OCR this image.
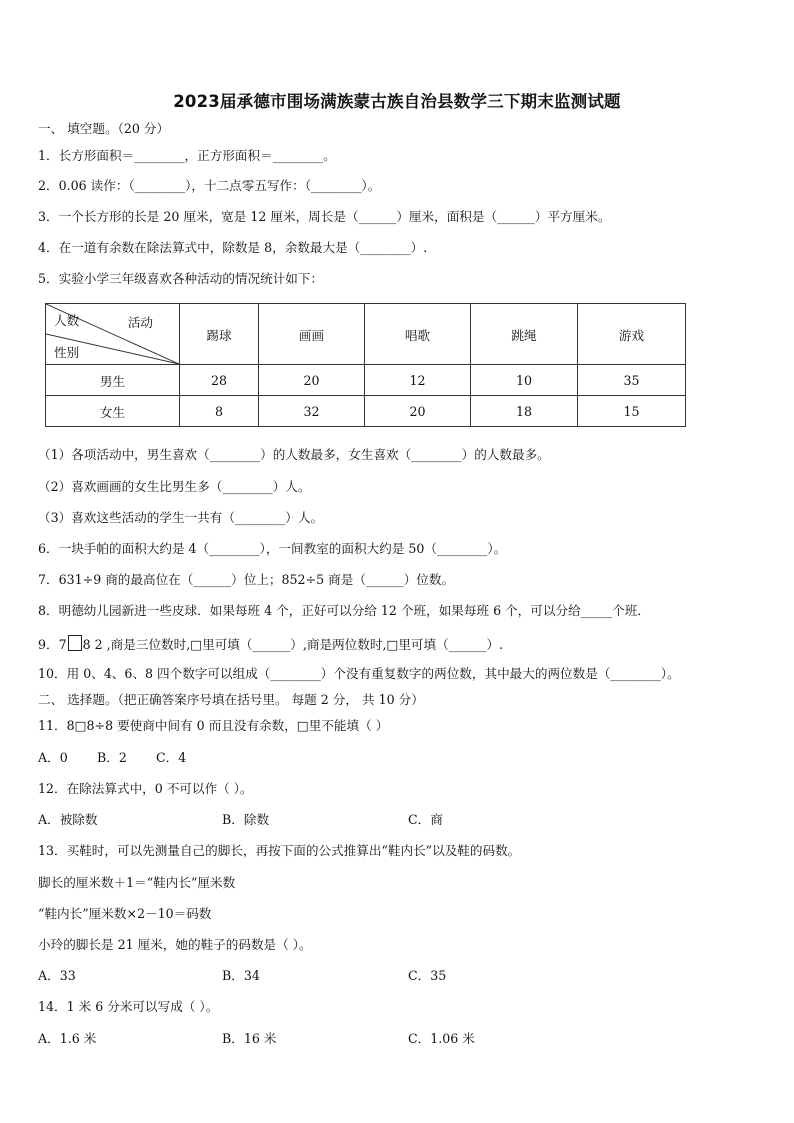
2023届承德市围场满族蒙古族自治县数学三下期末监测试题
一、 填空题。（20 分）
1．长方形面积＝________，正方形面积＝________。
2．0.06 读作：（________），十二点零五写作：（________）。
3．一个长方形的长是 20 厘米，宽是 12 厘米，周长是（______）厘米，面积是（______）平方厘米。
4．在一道有余数在除法算式中，除数是 8，余数最大是（________）.
5．实验小学三年级喜欢各种活动的情况统计如下：
人数 活动
性别	踢球	画画	唱歌	跳绳	游戏
男生	28	20	12	10	35
女生	8	32	20	18	15
（1）各项活动中，男生喜欢（________）的人数最多，女生喜欢（________）的人数最多。
（2）喜欢画画的女生比男生多（________）人。
（3）喜欢这些活动的学生一共有（________）人。
6．一块手帕的面积大约是 4（________），一间教室的面积大约是 50（________）。
7．631÷9 商的最高位在（______）位上；852÷5 商是（______）位数。
8．明德幼儿园新进一些皮球．如果每班 4 个，正好可以分给 12 个班，如果每班 6 个，可以分给_____个班．
9．7 8 2 ,商是三位数时,□里可填（______）,商是两位数时,□里可填（______）.
10．用 0、4、6、8 四个数字可以组成（________）个没有重复数字的两位数，其中最大的两位数是（________）。
二、 选择题。（把正确答案序号填在括号里。 每题 2 分， 共 10 分）
11．8□8÷8 要使商中间有 0 而且没有余数，□里不能填（ ）
A．0 B．2 C．4
12．在除法算式中，0 不可以作（ ）。
A．被除数	B．除数	C．商
13．买鞋时，可以先测量自己的脚长，再按下面的公式推算出“鞋内长”以及鞋的码数。
脚长的厘米数＋1＝“鞋内长”厘米数
“鞋内长”厘米数×2－10＝码数
小玲的脚长是 21 厘米，她的鞋子的码数是（ ）。
A．33	B．34	C．35
14．1 米 6 分米可以写成（ ）。
A．1.6 米	B．16 米	C．1.06 米
